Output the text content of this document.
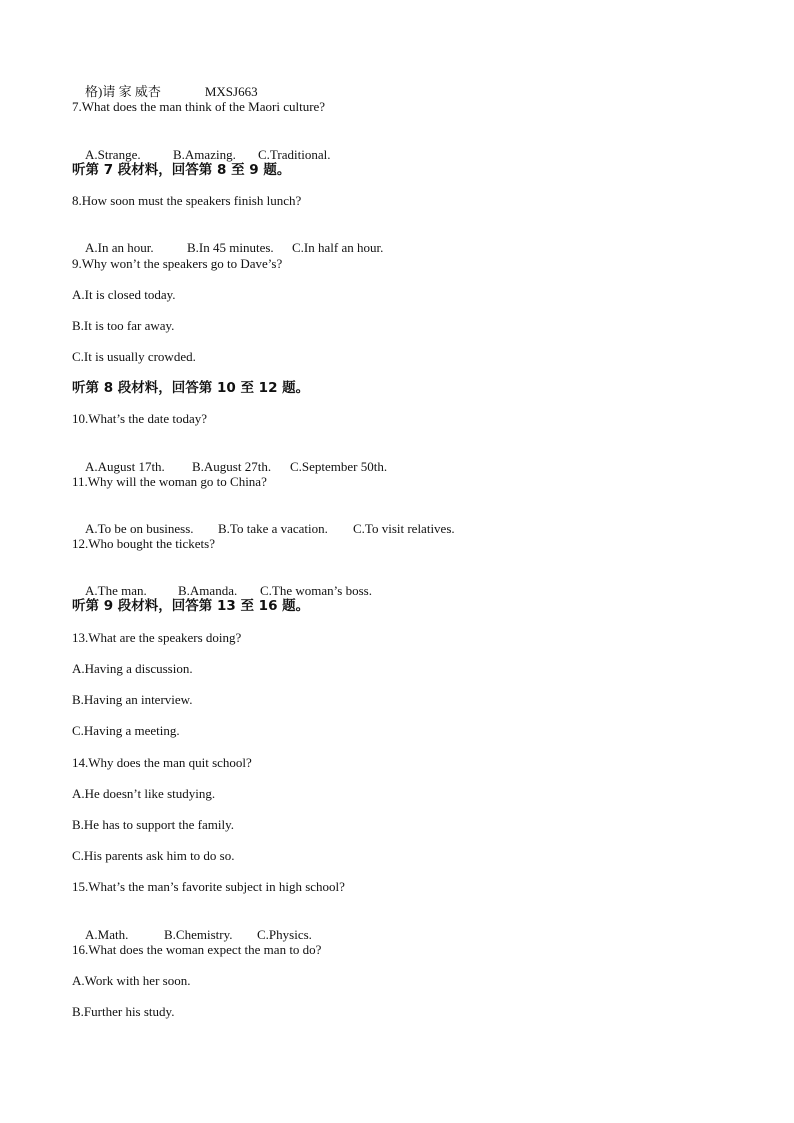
格)请 家 威杏	MXSJ663

7.What does the man think of the Maori culture?

A.Strange. B.Amazing. C.Traditional.

听第 7 段材料，回答第 8 至 9 题。
8.How soon must the speakers finish lunch?

A.In an hour.	B.In 45 minutes. C.In half an hour.

9.Why won’t the speakers go to Dave’s?
A.It is closed today.
B.It is too far away.
C.It is usually crowded.
听第 8 段材料，回答第 10 至 12 题。
10.What’s the date today?

A.August 17th. B.August 27th. C.September 50th.

11.Why will the woman go to China?

A.To be on business. B.To take a vacation. C.To visit relatives.

12.Who bought the tickets?

A.The man. B.Amanda. C.The woman’s boss.

听第 9 段材料，回答第 13 至 16 题。
13.What are the speakers doing?
A.Having a discussion.
B.Having an interview.
C.Having a meeting.
14.Why does the man quit school?
A.He doesn’t like studying.
B.He has to support the family.
C.His parents ask him to do so.
15.What’s the man’s favorite subject in high school?

A.Math.	B.Chemistry. C.Physics.

16.What does the woman expect the man to do?
A.Work with her soon.
B.Further his study.
